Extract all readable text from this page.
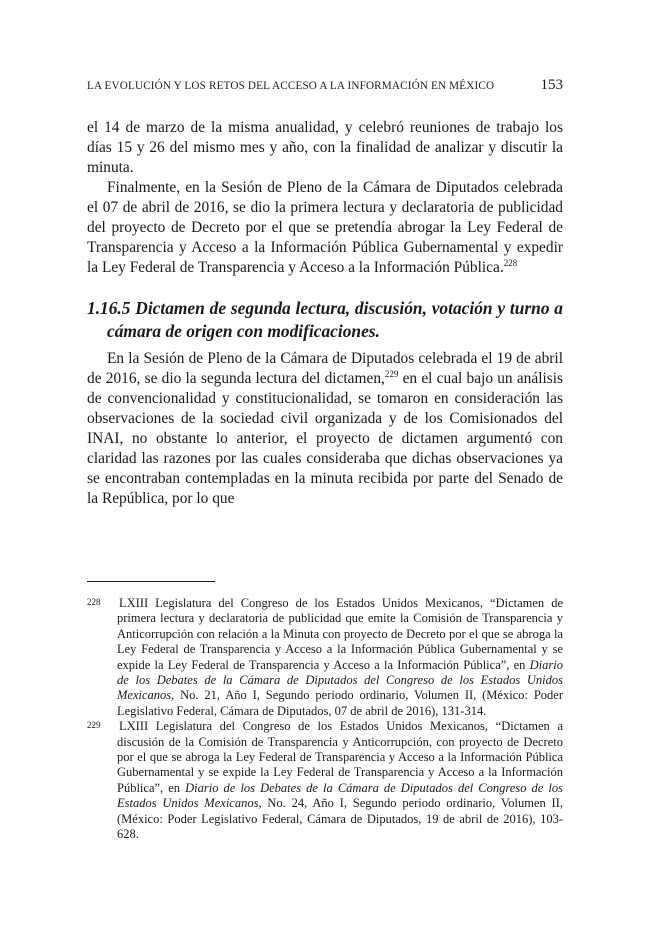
LA EVOLUCIÓN Y LOS RETOS DEL ACCESO A LA INFORMACIÓN EN MÉXICO	153

el 14 de marzo de la misma anualidad, y celebró reuniones de trabajo los días 15 y 26 del mismo mes y año, con la finalidad de analizar y discutir la minuta.

Finalmente, en la Sesión de Pleno de la Cámara de Diputados celebrada el 07 de abril de 2016, se dio la primera lectura y declaratoria de publicidad del proyecto de Decreto por el que se pretendía abrogar la Ley Federal de Transparencia y Acceso a la Información Pública Gubernamental y expedir la Ley Federal de Transparencia y Acceso a la Información Pública.$^{228}$

1.16.5 Dictamen de segunda lectura, discusión, votación y turno a cámara de origen con modificaciones.

En la Sesión de Pleno de la Cámara de Diputados celebrada el 19 de abril de 2016, se dio la segunda lectura del dictamen,$^{229}$ en el cual bajo un análisis de convencionalidad y constitucionalidad, se tomaron en consideración las observaciones de la sociedad civil organizada y de los Comisionados del INAI, no obstante lo anterior, el proyecto de dictamen argumentó con claridad las razones por las cuales consideraba que dichas observaciones ya se encontraban contempladas en la minuta recibida por parte del Senado de la República, por lo que

228 LXIII Legislatura del Congreso de los Estados Unidos Mexicanos, “Dictamen de primera lectura y declaratoria de publicidad que emite la Comisión de Transparencia y Anticorrupción con relación a la Minuta con proyecto de Decreto por el que se abroga la Ley Federal de Transparencia y Acceso a la Información Pública Gubernamental y se expide la Ley Federal de Transparencia y Acceso a la Información Pública”, en Diario de los Debates de la Cámara de Diputados del Congreso de los Estados Unidos Mexicanos, No. 21, Año I, Segundo periodo ordinario, Volumen II, (México: Poder Legislativo Federal, Cámara de Diputados, 07 de abril de 2016), 131-314.

229 LXIII Legislatura del Congreso de los Estados Unidos Mexicanos, “Dictamen a discusión de la Comisión de Transparencia y Anticorrupción, con proyecto de Decreto por el que se abroga la Ley Federal de Transparencia y Acceso a la Información Pública Gubernamental y se expide la Ley Federal de Transparencia y Acceso a la Información Pública”, en Diario de los Debates de la Cámara de Diputados del Congreso de los Estados Unidos Mexicanos, No. 24, Año I, Segundo periodo ordinario, Volumen II, (México: Poder Legislativo Federal, Cámara de Diputados, 19 de abril de 2016), 103-628.
